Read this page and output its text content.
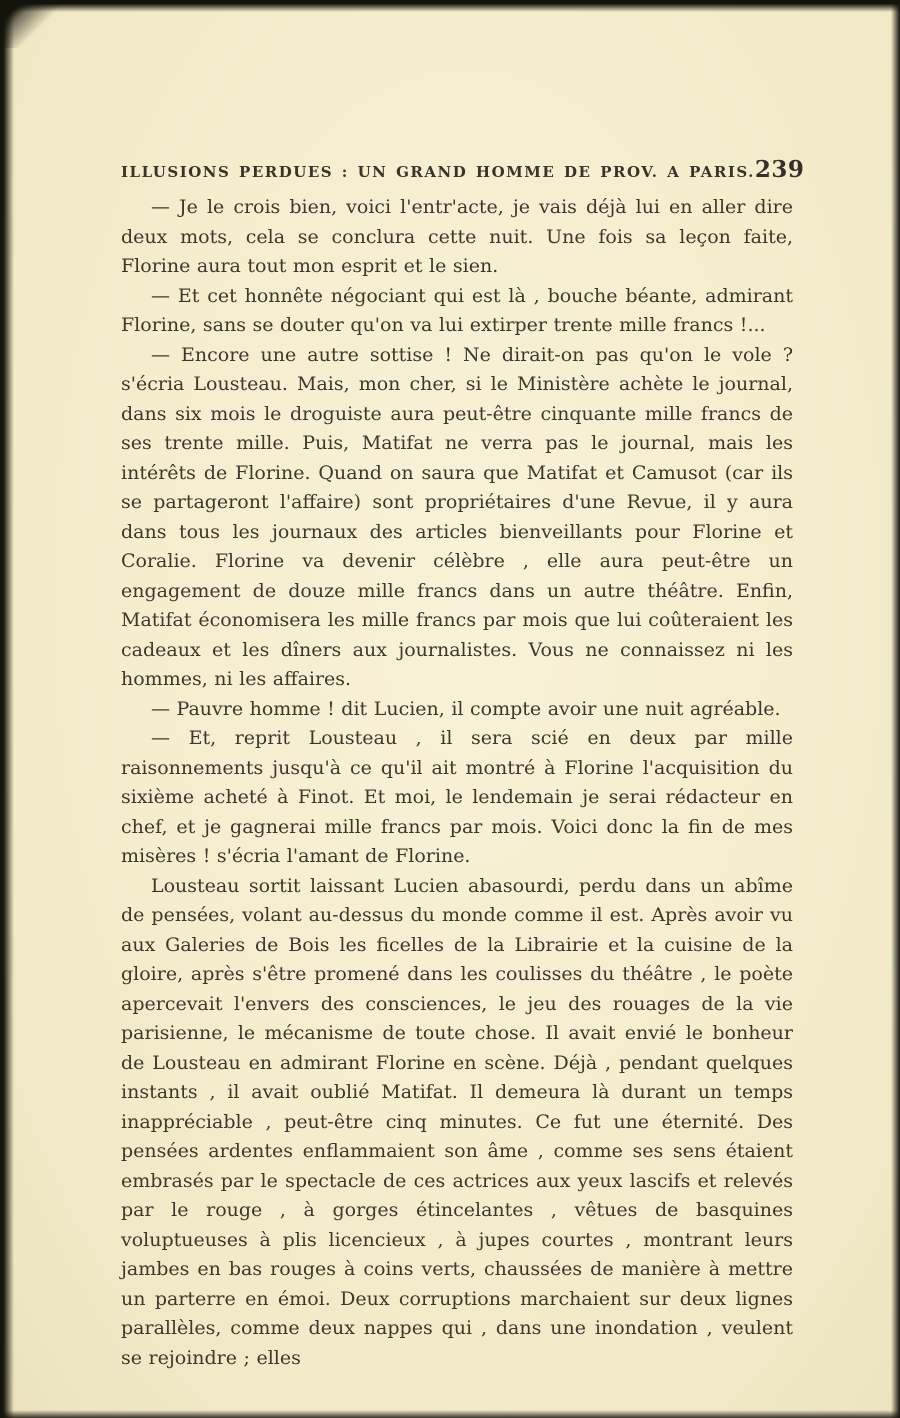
ILLUSIONS PERDUES : UN GRAND HOMME DE PROV. A PARIS. 239

— Je le crois bien, voici l'entr'acte, je vais déjà lui en aller dire deux mots, cela se conclura cette nuit. Une fois sa leçon faite, Florine aura tout mon esprit et le sien.

— Et cet honnête négociant qui est là , bouche béante, admirant Florine, sans se douter qu'on va lui extirper trente mille francs !...

— Encore une autre sottise ! Ne dirait-on pas qu'on le vole ? s'écria Lousteau. Mais, mon cher, si le Ministère achète le journal, dans six mois le droguiste aura peut-être cinquante mille francs de ses trente mille. Puis, Matifat ne verra pas le journal, mais les intérêts de Florine. Quand on saura que Matifat et Camusot (car ils se partageront l'affaire) sont propriétaires d'une Revue, il y aura dans tous les journaux des articles bienveillants pour Florine et Coralie. Florine va devenir célèbre , elle aura peut-être un engagement de douze mille francs dans un autre théâtre. Enfin, Matifat économisera les mille francs par mois que lui coûteraient les cadeaux et les dîners aux journalistes. Vous ne connaissez ni les hommes, ni les affaires.

— Pauvre homme ! dit Lucien, il compte avoir une nuit agréable.

— Et, reprit Lousteau , il sera scié en deux par mille raisonnements jusqu'à ce qu'il ait montré à Florine l'acquisition du sixième acheté à Finot. Et moi, le lendemain je serai rédacteur en chef, et je gagnerai mille francs par mois. Voici donc la fin de mes misères ! s'écria l'amant de Florine.

Lousteau sortit laissant Lucien abasourdi, perdu dans un abîme de pensées, volant au-dessus du monde comme il est. Après avoir vu aux Galeries de Bois les ficelles de la Librairie et la cuisine de la gloire, après s'être promené dans les coulisses du théâtre , le poète apercevait l'envers des consciences, le jeu des rouages de la vie parisienne, le mécanisme de toute chose. Il avait envié le bonheur de Lousteau en admirant Florine en scène. Déjà , pendant quelques instants , il avait oublié Matifat. Il demeura là durant un temps inappréciable , peut-être cinq minutes. Ce fut une éternité. Des pensées ardentes enflammaient son âme , comme ses sens étaient embrasés par le spectacle de ces actrices aux yeux lascifs et relevés par le rouge , à gorges étincelantes , vêtues de basquines voluptueuses à plis licencieux , à jupes courtes , montrant leurs jambes en bas rouges à coins verts, chaussées de manière à mettre un parterre en émoi. Deux corruptions marchaient sur deux lignes parallèles, comme deux nappes qui , dans une inondation , veulent se rejoindre ; elles
